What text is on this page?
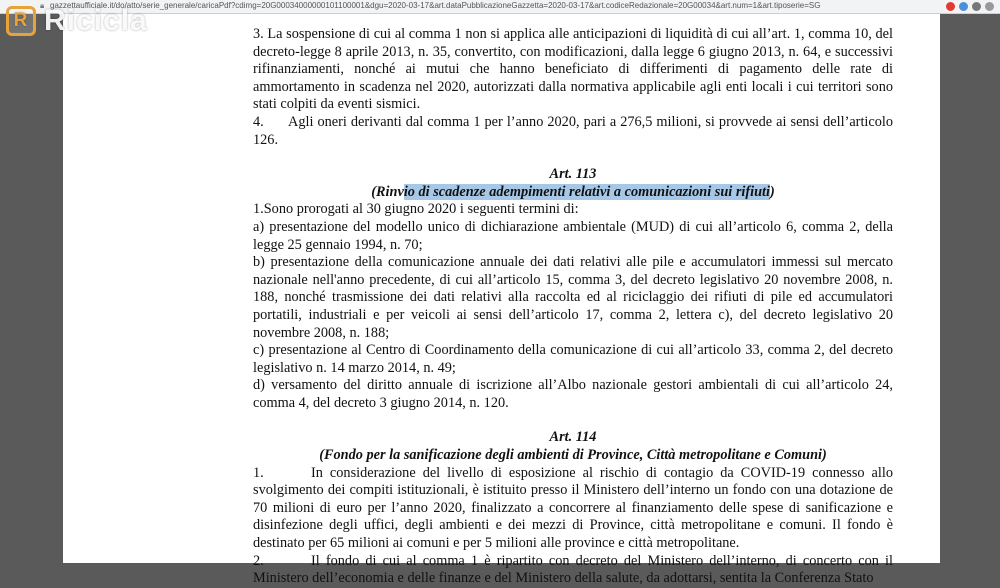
🔒︎ gazzettaufficiale.it/do/atto/serie_generale/caricaPdf?cdimg=20G00034000000101100001&dgu=2020-03-17&art.dataPubblicazioneGazzetta=2020-03-17&art.codiceRedazionale=20G00034&art.num=1&art.tiposerie=SG

3. La sospensione di cui al comma 1 non si applica alle anticipazioni di liquidità di cui all’art. 1, comma 10, del decreto-legge 8 aprile 2013, n. 35, convertito, con modificazioni, dalla legge 6 giugno 2013, n. 64, e successivi rifinanziamenti, nonché ai mutui che hanno beneficiato di differimenti di pagamento delle rate di ammortamento in scadenza nel 2020, autorizzati dalla normativa applicabile agli enti locali i cui territori sono stati colpiti da eventi sismici.

4. Agli oneri derivanti dal comma 1 per l’anno 2020, pari a 276,5 milioni, si provvede ai sensi dell’articolo 126.

Art. 113

(Rinvio di scadenze adempimenti relativi a comunicazioni sui rifiuti)

1.Sono prorogati al 30 giugno 2020 i seguenti termini di:

a) presentazione del modello unico di dichiarazione ambientale (MUD) di cui all’articolo 6, comma 2, della legge 25 gennaio 1994, n. 70;

b) presentazione della comunicazione annuale dei dati relativi alle pile e accumulatori immessi sul mercato nazionale nell'anno precedente, di cui all’articolo 15, comma 3, del decreto legislativo 20 novembre 2008, n. 188, nonché trasmissione dei dati relativi alla raccolta ed al riciclaggio dei rifiuti di pile ed accumulatori portatili, industriali e per veicoli ai sensi dell’articolo 17, comma 2, lettera c), del decreto legislativo 20 novembre 2008, n. 188;

c) presentazione al Centro di Coordinamento della comunicazione di cui all’articolo 33, comma 2, del decreto legislativo n. 14 marzo 2014, n. 49;

d) versamento del diritto annuale di iscrizione all’Albo nazionale gestori ambientali di cui all’articolo 24, comma 4, del decreto 3 giugno 2014, n. 120.

Art. 114

(Fondo per la sanificazione degli ambienti di Province, Città metropolitane e Comuni)

1.	In considerazione del livello di esposizione al rischio di contagio da COVID-19 connesso allo svolgimento dei compiti istituzionali, è istituito presso il Ministero dell’interno un fondo con una dotazione de 70 milioni di euro per l’anno 2020, finalizzato a concorrere al finanziamento delle spese di sanificazione e disinfezione degli uffici, degli ambienti e dei mezzi di Province, città metropolitane e comuni. Il fondo è destinato per 65 milioni ai comuni e per 5 milioni alle province e città metropolitane.

2.	Il fondo di cui al comma 1 è ripartito con decreto del Ministero dell’interno, di concerto con il Ministero dell’economia e delle finanze e del Ministero della salute, da adottarsi, sentita la Conferenza Stato

R Ricicla
